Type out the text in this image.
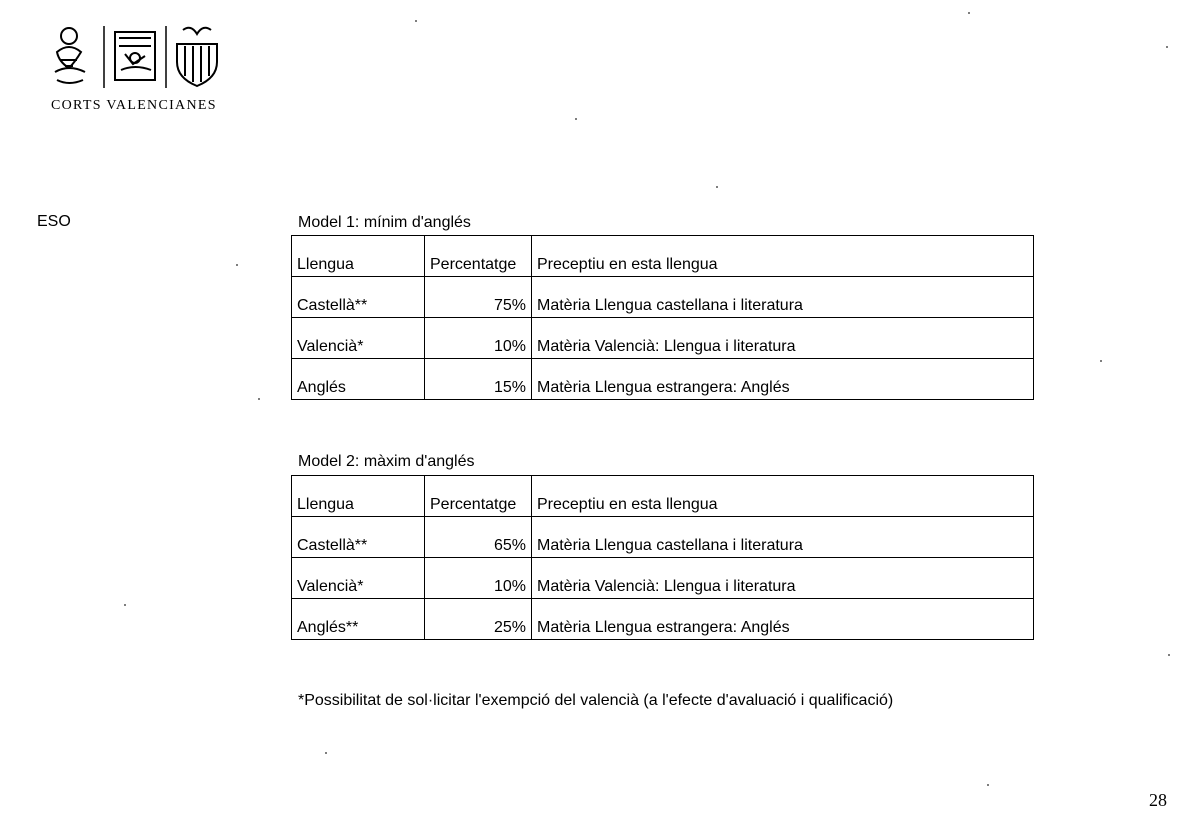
CORTS VALENCIANES
ESO	Model 1: mínim d'anglés
Llengua	Percentatge	Preceptiu en esta llengua
Castellà**	75%	Matèria Llengua castellana i literatura
Valencià*	10%	Matèria Valencià: Llengua i literatura
Anglés	15%	Matèria Llengua estrangera: Anglés
Model 2: màxim d'anglés
Llengua	Percentatge	Preceptiu en esta llengua
Castellà**	65%	Matèria Llengua castellana i literatura
Valencià*	10%	Matèria Valencià: Llengua i literatura
Anglés**	25%	Matèria Llengua estrangera: Anglés
*Possibilitat de sol·licitar l'exempció del valencià (a l'efecte d'avaluació i qualificació)
28
